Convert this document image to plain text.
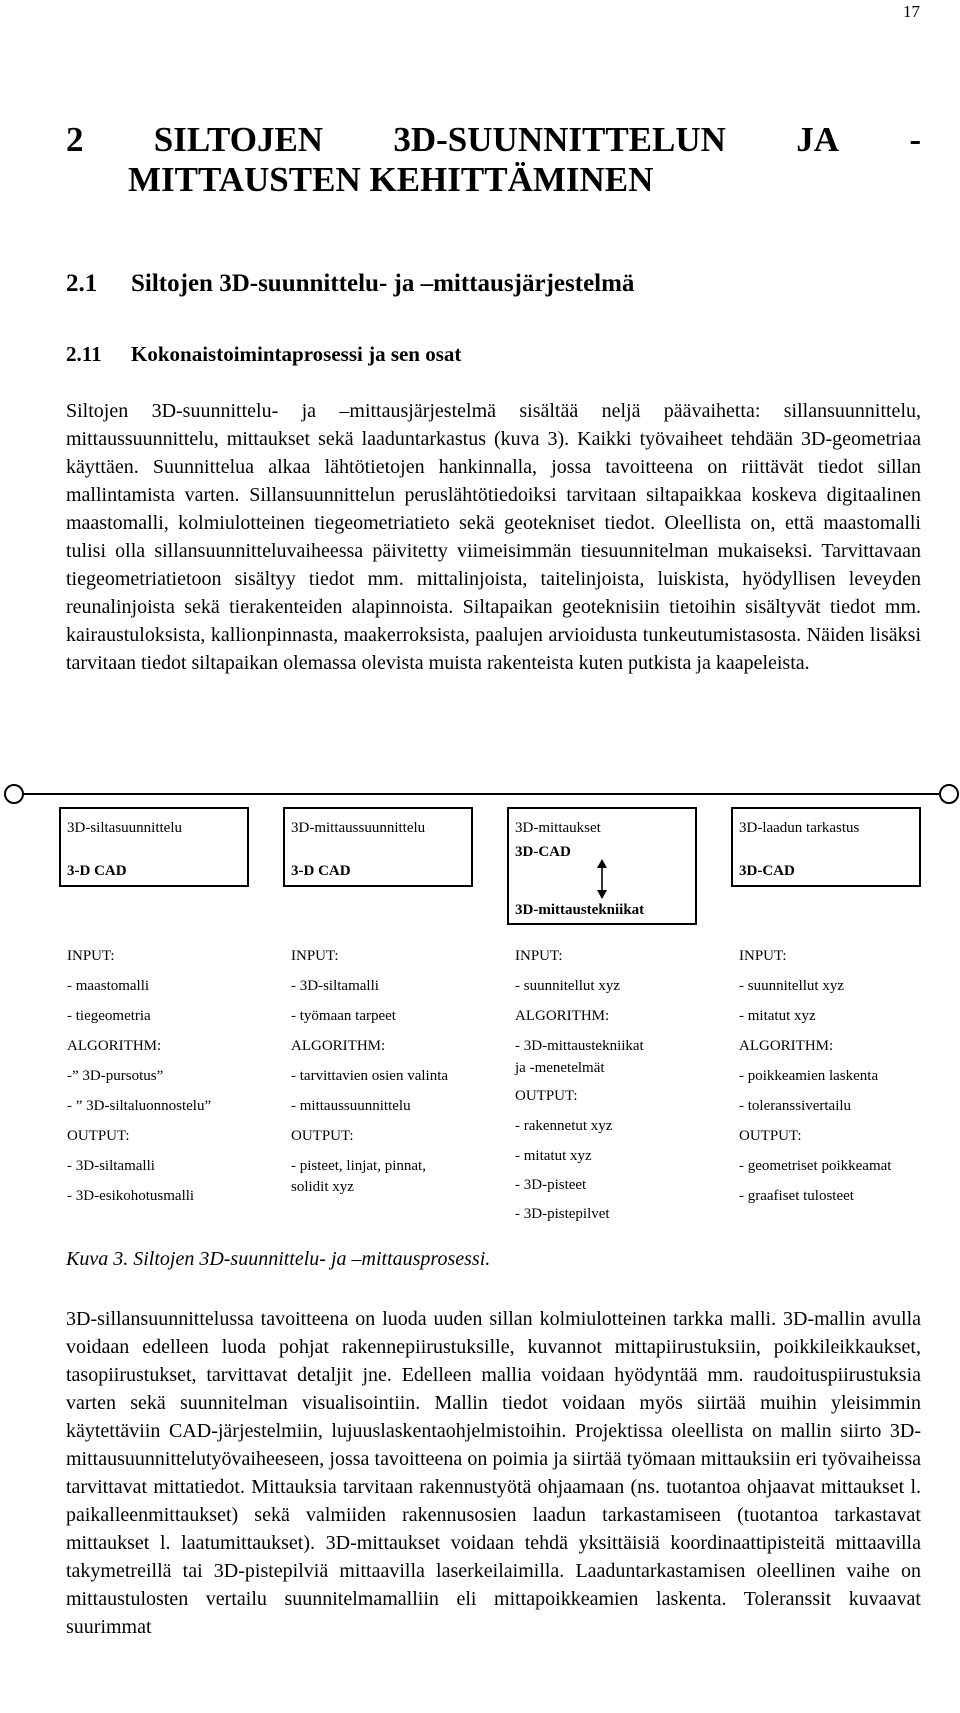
17
2 SILTOJEN 3D-SUUNNITTELUN JA -
MITTAUSTEN KEHITTÄMINEN
2.1 Siltojen 3D-suunnittelu- ja –mittausjärjestelmä
2.11 Kokonaistoimintaprosessi ja sen osat

Siltojen 3D-suunnittelu- ja –mittausjärjestelmä sisältää neljä päävaihetta: sillansuunnittelu, mittaussuunnittelu, mittaukset sekä laaduntarkastus (kuva 3). Kaikki työvaiheet tehdään 3D-geometriaa käyttäen. Suunnittelua alkaa lähtötietojen hankinnalla, jossa tavoitteena on riittävät tiedot sillan mallintamista varten. Sillansuunnittelun peruslähtötiedoiksi tarvitaan siltapaikkaa koskeva digitaalinen maastomalli, kolmiulotteinen tiegeometriatieto sekä geotekniset tiedot. Oleellista on, että maastomalli tulisi olla sillansuunnitteluvaiheessa päivitetty viimeisimmän tiesuunnitelman mukaiseksi. Tarvittavaan tiegeometriatietoon sisältyy tiedot mm. mittalinjoista, taitelinjoista, luiskista, hyödyllisen leveyden reunalinjoista sekä tierakenteiden alapinnoista. Siltapaikan geoteknisiin tietoihin sisältyvät tiedot mm. kairaustuloksista, kallionpinnasta, maakerroksista, paalujen arvioidusta tunkeutumistasosta. Näiden lisäksi tarvitaan tiedot siltapaikan olemassa olevista muista rakenteista kuten putkista ja kaapeleista.

3D-siltasuunnittelu
3-D CAD
3D-mittaussuunnittelu
3-D CAD
3D-mittaukset
3D-CAD
3D-mittaustekniikat
3D-laadun tarkastus
3D-CAD
INPUT:
- maastomalli
- tiegeometria
ALGORITHM:
-” 3D-pursotus”
- ” 3D-siltaluonnostelu”
OUTPUT:
- 3D-siltamalli
- 3D-esikohotusmalli
INPUT:
- 3D-siltamalli
- työmaan tarpeet
ALGORITHM:
- tarvittavien osien valinta
- mittaussuunnittelu
OUTPUT:
- pisteet, linjat, pinnat,
solidit xyz
INPUT:
- suunnitellut xyz
ALGORITHM:
- 3D-mittaustekniikat
ja -menetelmät
OUTPUT:
- rakennetut xyz
- mitatut xyz
- 3D-pisteet
- 3D-pistepilvet
INPUT:
- suunnitellut xyz
- mitatut xyz
ALGORITHM:
- poikkeamien laskenta
- toleranssivertailu
OUTPUT:
- geometriset poikkeamat
- graafiset tulosteet
Kuva 3. Siltojen 3D-suunnittelu- ja –mittausprosessi.

3D-sillansuunnittelussa tavoitteena on luoda uuden sillan kolmiulotteinen tarkka malli. 3D-mallin avulla voidaan edelleen luoda pohjat rakennepiirustuksille, kuvannot mittapiirustuksiin, poikkileikkaukset, tasopiirustukset, tarvittavat detaljit jne. Edelleen mallia voidaan hyödyntää mm. raudoituspiirustuksia varten sekä suunnitelman visualisointiin. Mallin tiedot voidaan myös siirtää muihin yleisimmin käytettäviin CAD-järjestelmiin, lujuuslaskentaohjelmistoihin. Projektissa oleellista on mallin siirto 3D-mittausuunnittelutyövaiheeseen, jossa tavoitteena on poimia ja siirtää työmaan mittauksiin eri työvaiheissa tarvittavat mittatiedot. Mittauksia tarvitaan rakennustyötä ohjaamaan (ns. tuotantoa ohjaavat mittaukset l. paikalleenmittaukset) sekä valmiiden rakennusosien laadun tarkastamiseen (tuotantoa tarkastavat mittaukset l. laatumittaukset). 3D-mittaukset voidaan tehdä yksittäisiä koordinaattipisteitä mittaavilla takymetreillä tai 3D-pistepilviä mittaavilla laserkeilaimilla. Laaduntarkastamisen oleellinen vaihe on mittaustulosten vertailu suunnitelmamalliin eli mittapoikkeamien laskenta. Toleranssit kuvaavat suurimmat
